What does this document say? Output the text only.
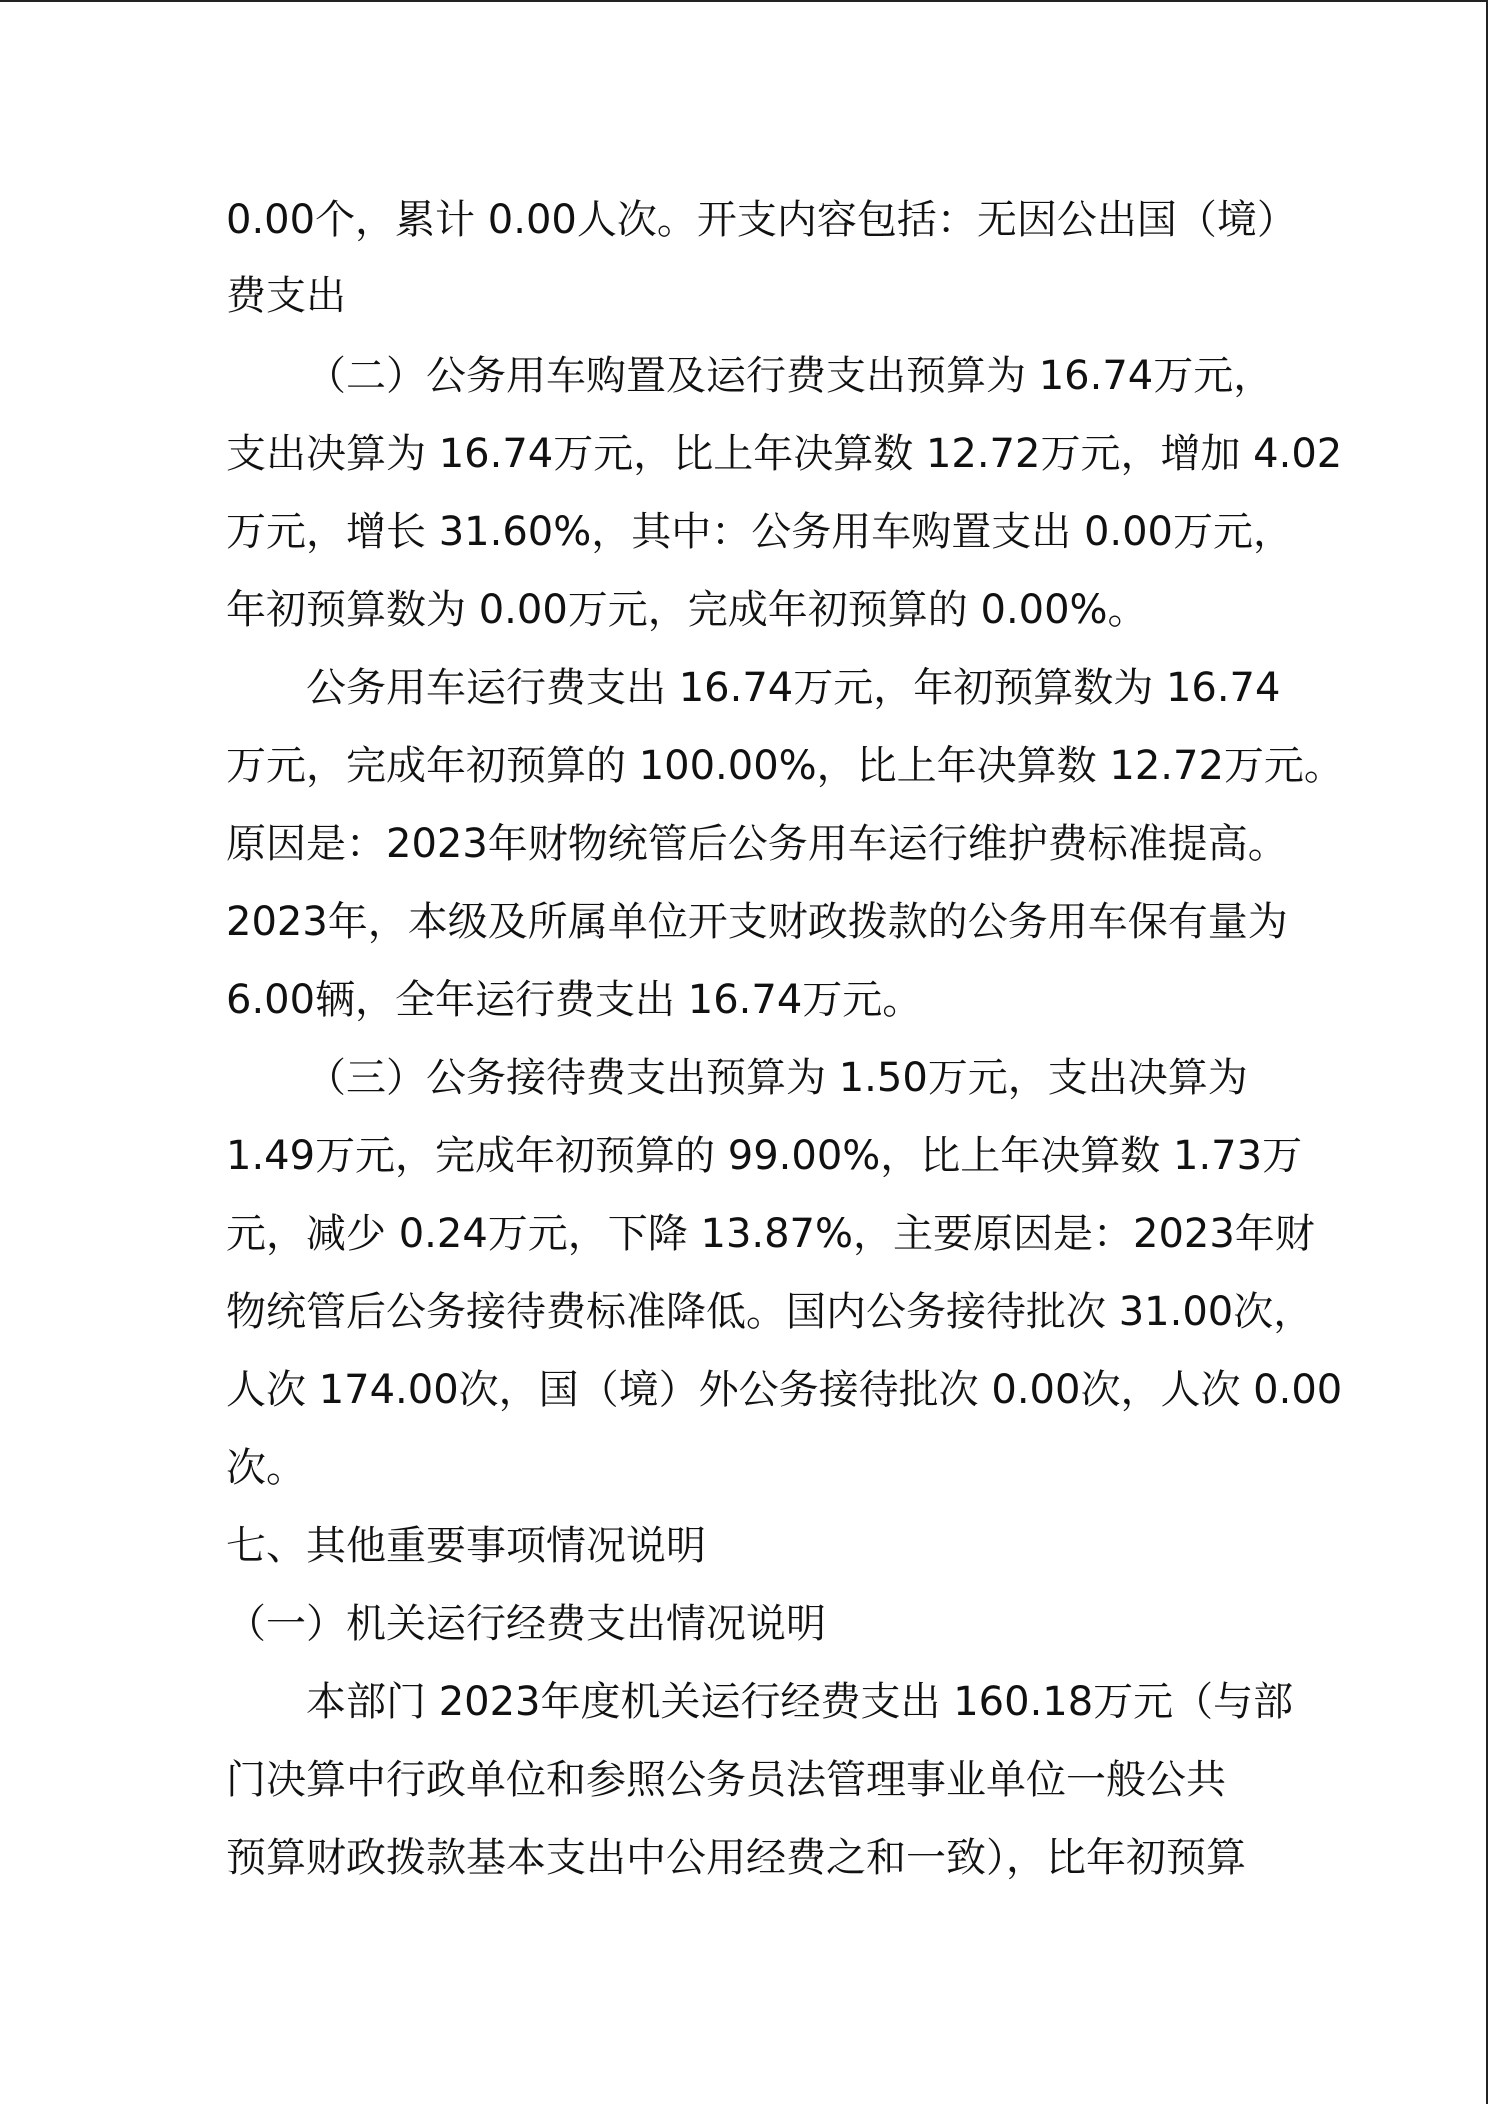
0.00个，累计 0.00人次。开支内容包括：无因公出国（境）

费支出

（二）公务用车购置及运行费支出预算为 16.74万元，

支出决算为 16.74万元，比上年决算数 12.72万元，增加 4.02

万元，增长 31.60%，其中：公务用车购置支出 0.00万元，

年初预算数为 0.00万元，完成年初预算的 0.00%。

公务用车运行费支出 16.74万元，年初预算数为 16.74

万元，完成年初预算的 100.00%，比上年决算数 12.72万元。

原因是：2023年财物统管后公务用车运行维护费标准提高。

2023年，本级及所属单位开支财政拨款的公务用车保有量为

6.00辆，全年运行费支出 16.74万元。

（三）公务接待费支出预算为 1.50万元，支出决算为

1.49万元，完成年初预算的 99.00%，比上年决算数 1.73万

元，减少 0.24万元，下降 13.87%，主要原因是：2023年财

物统管后公务接待费标准降低。国内公务接待批次 31.00次，

人次 174.00次，国（境）外公务接待批次 0.00次，人次 0.00

次。

七、其他重要事项情况说明

（一）机关运行经费支出情况说明

本部门 2023年度机关运行经费支出 160.18万元（与部

门决算中行政单位和参照公务员法管理事业单位一般公共

预算财政拨款基本支出中公用经费之和一致），比年初预算
